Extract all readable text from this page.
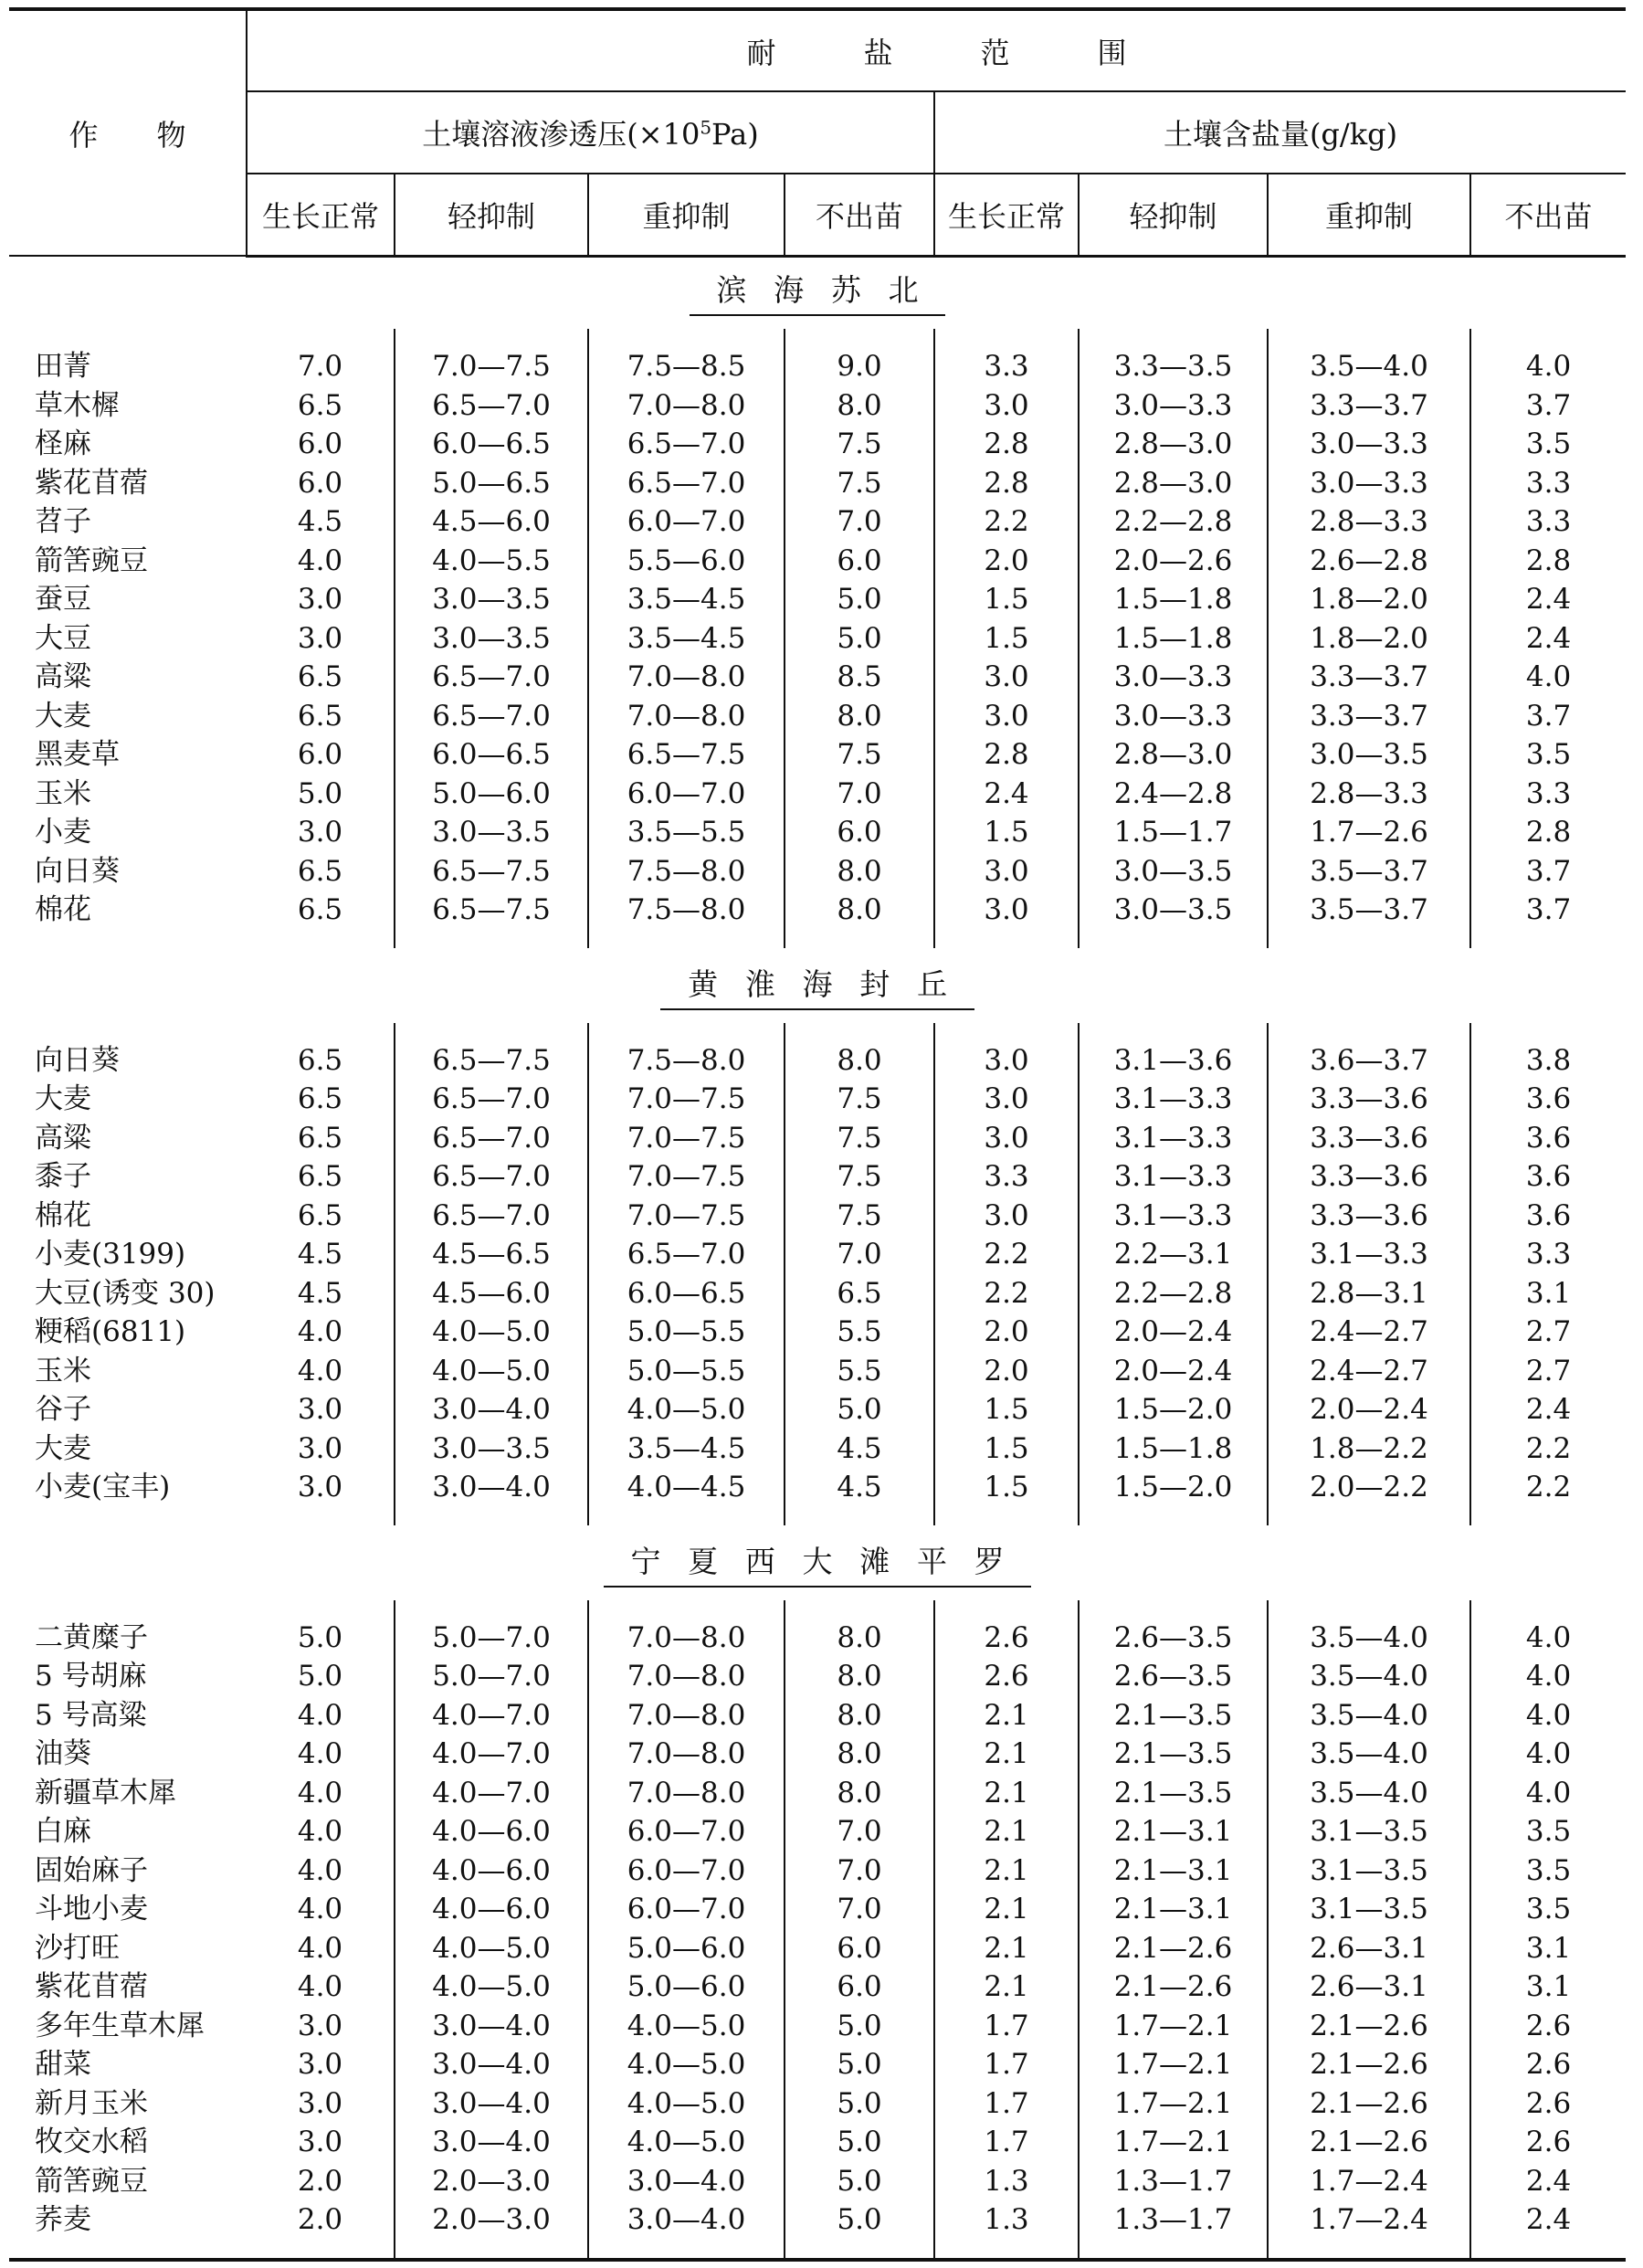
作　　物	耐　　　盐　　　范　　　围							
	土壤溶液渗透压$(\times 10^5Pa)$				土壤含盐量(g/kg)			
	生长正常	轻抑制	重抑制	不出苗	生长正常	轻抑制	重抑制	不出苗
滨海苏北								

田菁	7.0	7.0—7.5	7.5—8.5	9.0	3.3	3.3—3.5	3.5—4.0	4.0
草木樨	6.5	6.5—7.0	7.0—8.0	8.0	3.0	3.0—3.3	3.3—3.7	3.7
柽麻	6.0	6.0—6.5	6.5—7.0	7.5	2.8	2.8—3.0	3.0—3.3	3.5
紫花苜蓿	6.0	5.0—6.5	6.5—7.0	7.5	2.8	2.8—3.0	3.0—3.3	3.3
苕子	4.5	4.5—6.0	6.0—7.0	7.0	2.2	2.2—2.8	2.8—3.3	3.3
箭筈豌豆	4.0	4.0—5.5	5.5—6.0	6.0	2.0	2.0—2.6	2.6—2.8	2.8
蚕豆	3.0	3.0—3.5	3.5—4.5	5.0	1.5	1.5—1.8	1.8—2.0	2.4
大豆	3.0	3.0—3.5	3.5—4.5	5.0	1.5	1.5—1.8	1.8—2.0	2.4
高粱	6.5	6.5—7.0	7.0—8.0	8.5	3.0	3.0—3.3	3.3—3.7	4.0
大麦	6.5	6.5—7.0	7.0—8.0	8.0	3.0	3.0—3.3	3.3—3.7	3.7
黑麦草	6.0	6.0—6.5	6.5—7.5	7.5	2.8	2.8—3.0	3.0—3.5	3.5
玉米	5.0	5.0—6.0	6.0—7.0	7.0	2.4	2.4—2.8	2.8—3.3	3.3
小麦	3.0	3.0—3.5	3.5—5.5	6.0	1.5	1.5—1.7	1.7—2.6	2.8
向日葵	6.5	6.5—7.5	7.5—8.0	8.0	3.0	3.0—3.5	3.5—3.7	3.7
棉花	6.5	6.5—7.5	7.5—8.0	8.0	3.0	3.0—3.5	3.5—3.7	3.7

黄淮海封丘								

向日葵	6.5	6.5—7.5	7.5—8.0	8.0	3.0	3.1—3.6	3.6—3.7	3.8
大麦	6.5	6.5—7.0	7.0—7.5	7.5	3.0	3.1—3.3	3.3—3.6	3.6
高粱	6.5	6.5—7.0	7.0—7.5	7.5	3.0	3.1—3.3	3.3—3.6	3.6
黍子	6.5	6.5—7.0	7.0—7.5	7.5	3.3	3.1—3.3	3.3—3.6	3.6
棉花	6.5	6.5—7.0	7.0—7.5	7.5	3.0	3.1—3.3	3.3—3.6	3.6
小麦(3199)	4.5	4.5—6.5	6.5—7.0	7.0	2.2	2.2—3.1	3.1—3.3	3.3
大豆(诱变 30)	4.5	4.5—6.0	6.0—6.5	6.5	2.2	2.2—2.8	2.8—3.1	3.1
粳稻(6811)	4.0	4.0—5.0	5.0—5.5	5.5	2.0	2.0—2.4	2.4—2.7	2.7
玉米	4.0	4.0—5.0	5.0—5.5	5.5	2.0	2.0—2.4	2.4—2.7	2.7
谷子	3.0	3.0—4.0	4.0—5.0	5.0	1.5	1.5—2.0	2.0—2.4	2.4
大麦	3.0	3.0—3.5	3.5—4.5	4.5	1.5	1.5—1.8	1.8—2.2	2.2
小麦(宝丰)	3.0	3.0—4.0	4.0—4.5	4.5	1.5	1.5—2.0	2.0—2.2	2.2

宁夏西大滩平罗								

二黄糜子	5.0	5.0—7.0	7.0—8.0	8.0	2.6	2.6—3.5	3.5—4.0	4.0
5 号胡麻	5.0	5.0—7.0	7.0—8.0	8.0	2.6	2.6—3.5	3.5—4.0	4.0
5 号高粱	4.0	4.0—7.0	7.0—8.0	8.0	2.1	2.1—3.5	3.5—4.0	4.0
油葵	4.0	4.0—7.0	7.0—8.0	8.0	2.1	2.1—3.5	3.5—4.0	4.0
新疆草木犀	4.0	4.0—7.0	7.0—8.0	8.0	2.1	2.1—3.5	3.5—4.0	4.0
白麻	4.0	4.0—6.0	6.0—7.0	7.0	2.1	2.1—3.1	3.1—3.5	3.5
固始麻子	4.0	4.0—6.0	6.0—7.0	7.0	2.1	2.1—3.1	3.1—3.5	3.5
斗地小麦	4.0	4.0—6.0	6.0—7.0	7.0	2.1	2.1—3.1	3.1—3.5	3.5
沙打旺	4.0	4.0—5.0	5.0—6.0	6.0	2.1	2.1—2.6	2.6—3.1	3.1
紫花苜蓿	4.0	4.0—5.0	5.0—6.0	6.0	2.1	2.1—2.6	2.6—3.1	3.1
多年生草木犀	3.0	3.0—4.0	4.0—5.0	5.0	1.7	1.7—2.1	2.1—2.6	2.6
甜菜	3.0	3.0—4.0	4.0—5.0	5.0	1.7	1.7—2.1	2.1—2.6	2.6
新月玉米	3.0	3.0—4.0	4.0—5.0	5.0	1.7	1.7—2.1	2.1—2.6	2.6
牧交水稻	3.0	3.0—4.0	4.0—5.0	5.0	1.7	1.7—2.1	2.1—2.6	2.6
箭筈豌豆	2.0	2.0—3.0	3.0—4.0	5.0	1.3	1.3—1.7	1.7—2.4	2.4
荞麦	2.0	2.0—3.0	3.0—4.0	5.0	1.3	1.3—1.7	1.7—2.4	2.4
